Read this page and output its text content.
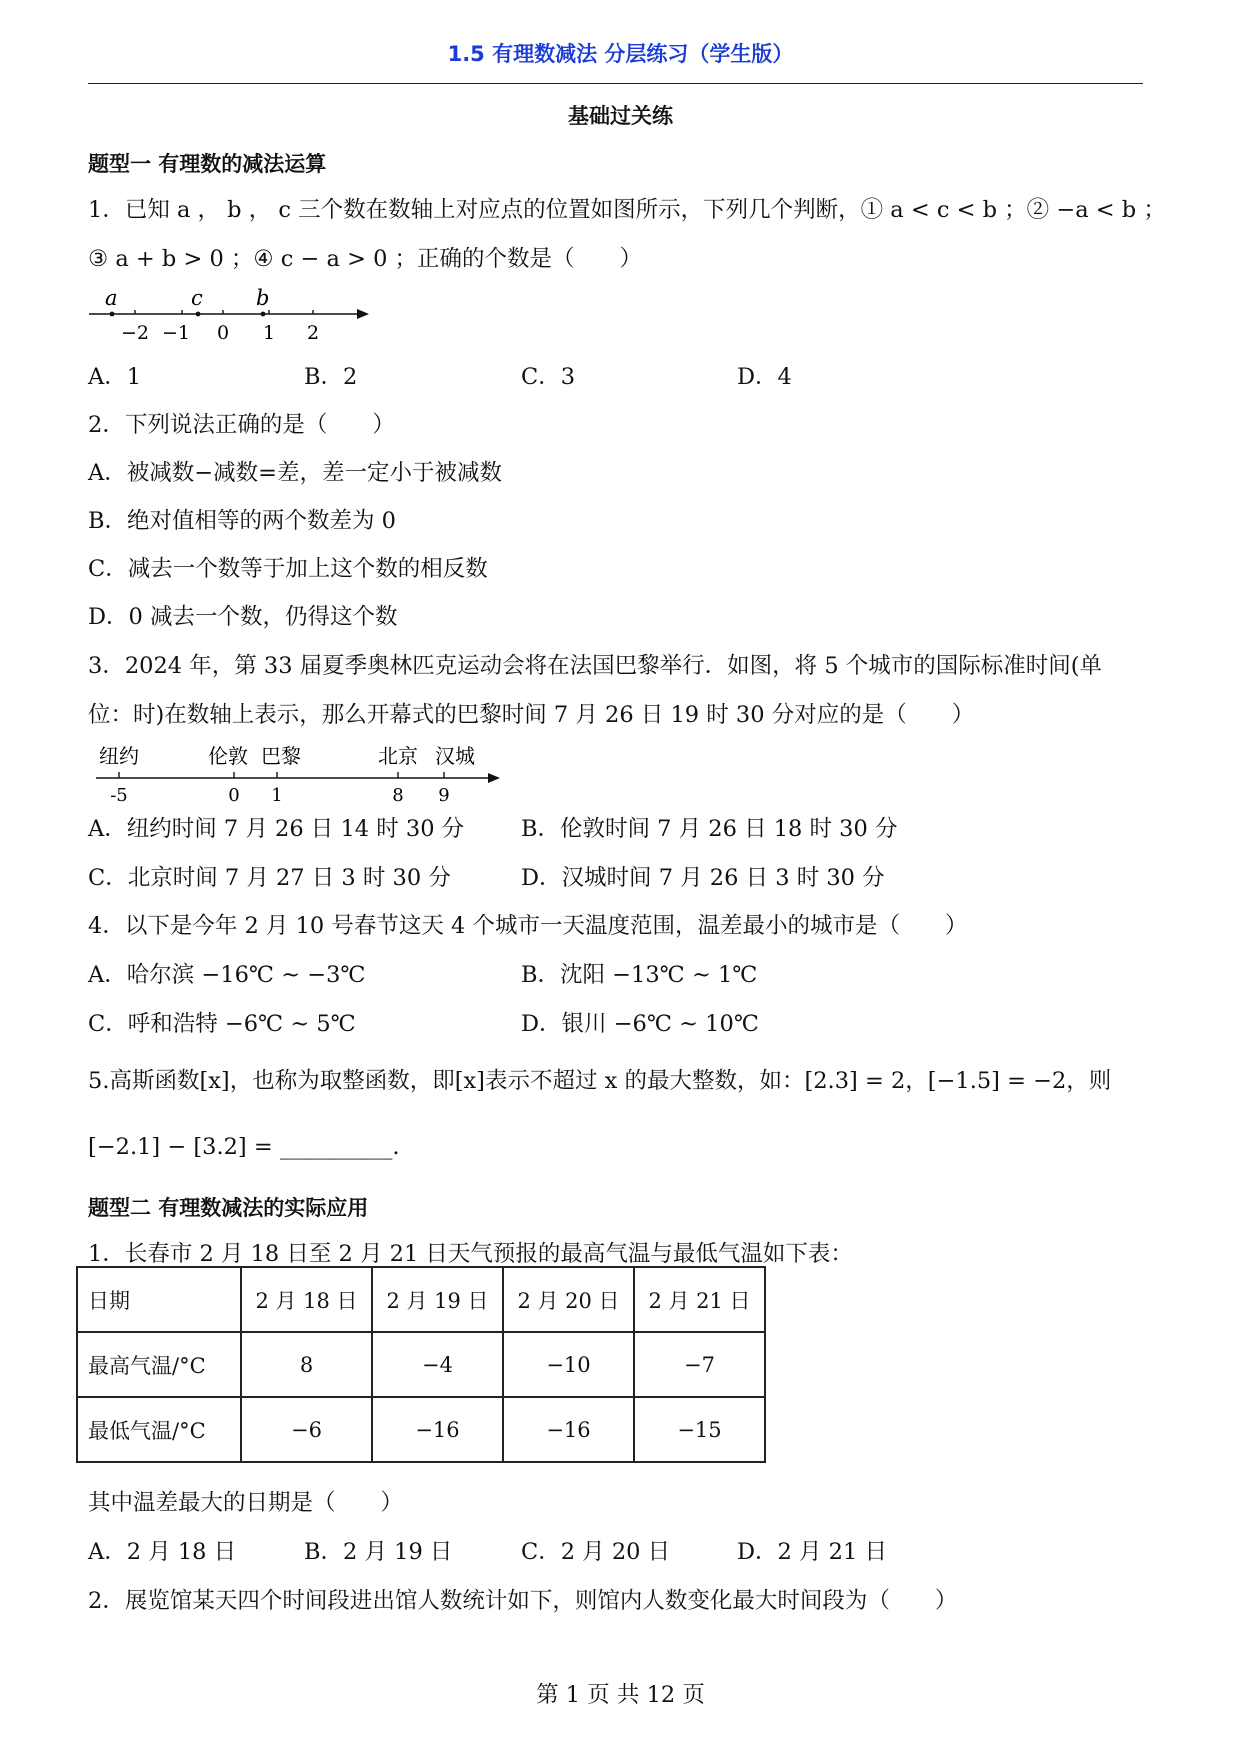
1.5 有理数减法 分层练习（学生版）
基础过关练
题型一 有理数的减法运算
1．已知 a ， b ， c 三个数在数轴上对应点的位置如图所示，下列几个判断，① a < c < b ；② −a < b ；
③ a + b > 0 ；④ c − a > 0 ；正确的个数是（　　）
a	c	b
−2 −1 0 1 2
A．1	B．2	C．3	D．4
2．下列说法正确的是（　　）
A．被减数−减数=差，差一定小于被减数
B．绝对值相等的两个数差为 0
C．减去一个数等于加上这个数的相反数
D．0 减去一个数，仍得这个数
3．2024 年，第 33 届夏季奥林匹克运动会将在法国巴黎举行．如图，将 5 个城市的国际标准时间(单
位：时)在数轴上表示，那么开幕式的巴黎时间 7 月 26 日 19 时 30 分对应的是（　　）
纽约	伦敦 巴黎	北京 汉城
-5	0 1	8 9
A．纽约时间 7 月 26 日 14 时 30 分	B．伦敦时间 7 月 26 日 18 时 30 分
C．北京时间 7 月 27 日 3 时 30 分	D．汉城时间 7 月 26 日 3 时 30 分
4．以下是今年 2 月 10 号春节这天 4 个城市一天温度范围，温差最小的城市是（　　）
A．哈尔滨 −16℃ ~ −3℃	B．沈阳 −13℃ ~ 1℃
C．呼和浩特 −6℃ ~ 5℃	D．银川 −6℃ ~ 10℃
5.高斯函数[x]，也称为取整函数，即[x]表示不超过 x 的最大整数，如：[2.3] = 2，[−1.5] = −2，则
[−2.1] − [3.2] = __________.
题型二 有理数减法的实际应用
1．长春市 2 月 18 日至 2 月 21 日天气预报的最高气温与最低气温如下表：
日期	2 月 18 日	2 月 19 日	2 月 20 日	2 月 21 日
最高气温/°C	8	−4	−10	−7
最低气温/°C	−6	−16	−16	−15
其中温差最大的日期是（　　）
A．2 月 18 日	B．2 月 19 日	C．2 月 20 日	D．2 月 21 日
2．展览馆某天四个时间段进出馆人数统计如下，则馆内人数变化最大时间段为（　　）
第 1 页 共 12 页
